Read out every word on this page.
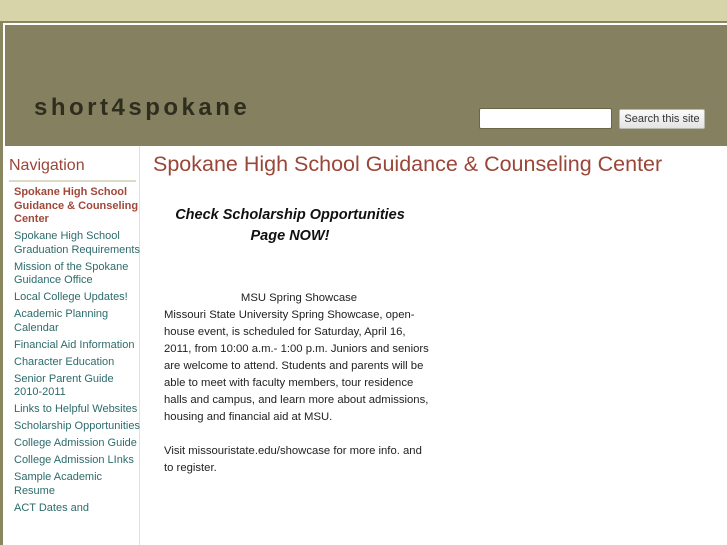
short4spokane	Search this site
Navigation
Spokane High School Guidance & Counseling Center
Spokane High School Graduation Requirements
Mission of the Spokane Guidance Office
Local College Updates!
Academic Planning Calendar
Financial Aid Information
Character Education
Senior Parent Guide 2010-2011
Links to Helpful Websites
Scholarship Opportunities
College Admission Guide
College Admission LInks
Sample Academic Resume
ACT Dates and
Spokane High School Guidance & Counseling Center
Check Scholarship Opportunities Page NOW!
MSU Spring Showcase

Missouri State University Spring Showcase, open-house event, is scheduled for Saturday, April 16, 2011, from 10:00 a.m.- 1:00 p.m. Juniors and seniors are welcome to attend. Students and parents will be able to meet with faculty members, tour residence halls and campus, and learn more about admissions, housing and financial aid at MSU.

Visit missouristate.edu/showcase for more info. and to register.
